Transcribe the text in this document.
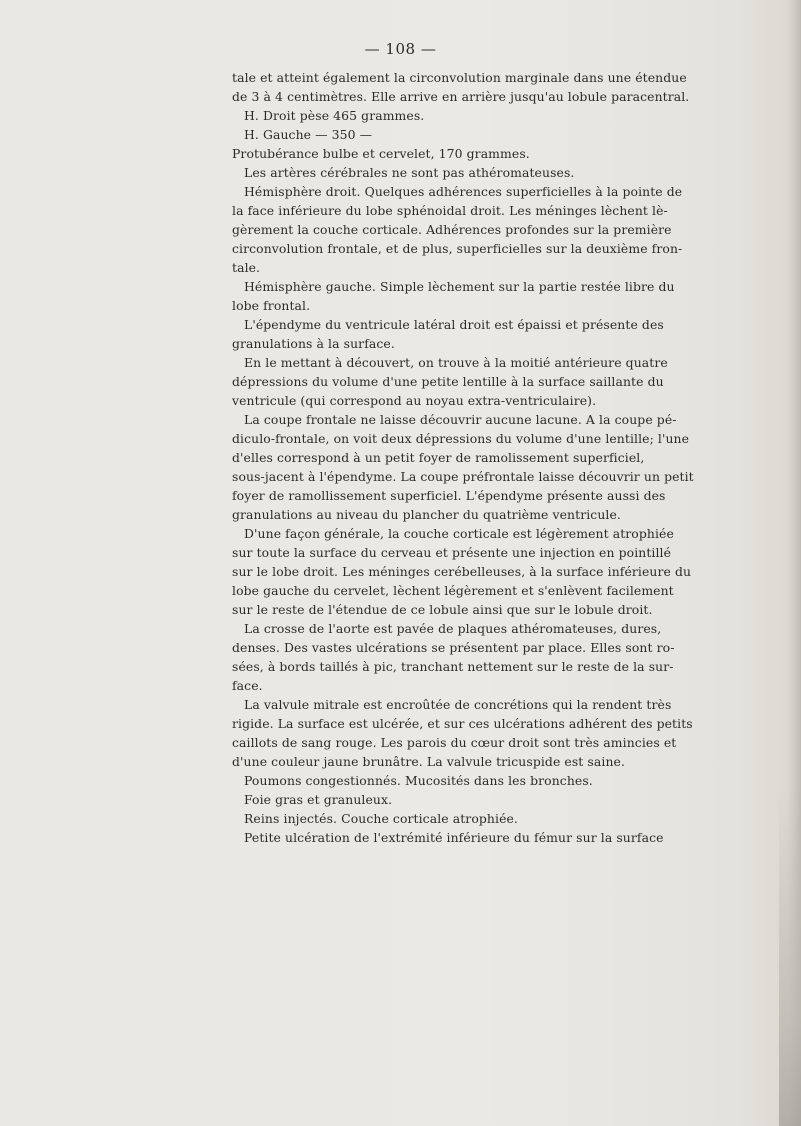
— 108 —

tale et atteint également la circonvolution marginale dans une étendue

de 3 à 4 centimètres. Elle arrive en arrière jusqu'au lobule paracentral.

H. Droit pèse 465 grammes.

H. Gauche — 350 —

Protubérance bulbe et cervelet, 170 grammes.

Les artères cérébrales ne sont pas athéromateuses.

Hémisphère droit. Quelques adhérences superficielles à la pointe de

la face inférieure du lobe sphénoidal droit. Les méninges lèchent lè-

gèrement la couche corticale. Adhérences profondes sur la première

circonvolution frontale, et de plus, superficielles sur la deuxième fron-

tale.

Hémisphère gauche. Simple lèchement sur la partie restée libre du

lobe frontal.

L'épendyme du ventricule latéral droit est épaissi et présente des

granulations à la surface.

En le mettant à découvert, on trouve à la moitié antérieure quatre

dépressions du volume d'une petite lentille à la surface saillante du

ventricule (qui correspond au noyau extra-ventriculaire).

La coupe frontale ne laisse découvrir aucune lacune. A la coupe pé-

diculo-frontale, on voit deux dépressions du volume d'une lentille; l'une

d'elles correspond à un petit foyer de ramolissement superficiel,

sous-jacent à l'épendyme. La coupe préfrontale laisse découvrir un petit

foyer de ramollissement superficiel. L'épendyme présente aussi des

granulations au niveau du plancher du quatrième ventricule.

D'une façon générale, la couche corticale est légèrement atrophiée

sur toute la surface du cerveau et présente une injection en pointillé

sur le lobe droit. Les méninges cerébelleuses, à la surface inférieure du

lobe gauche du cervelet, lèchent légèrement et s'enlèvent facilement

sur le reste de l'étendue de ce lobule ainsi que sur le lobule droit.

La crosse de l'aorte est pavée de plaques athéromateuses, dures,

denses. Des vastes ulcérations se présentent par place. Elles sont ro-

sées, à bords taillés à pic, tranchant nettement sur le reste de la sur-

face.

La valvule mitrale est encroûtée de concrétions qui la rendent très

rigide. La surface est ulcérée, et sur ces ulcérations adhérent des petits

caillots de sang rouge. Les parois du cœur droit sont très amincies et

d'une couleur jaune brunâtre. La valvule tricuspide est saine.

Poumons congestionnés. Mucosités dans les bronches.

Foie gras et granuleux.

Reins injectés. Couche corticale atrophiée.

Petite ulcération de l'extrémité inférieure du fémur sur la surface
